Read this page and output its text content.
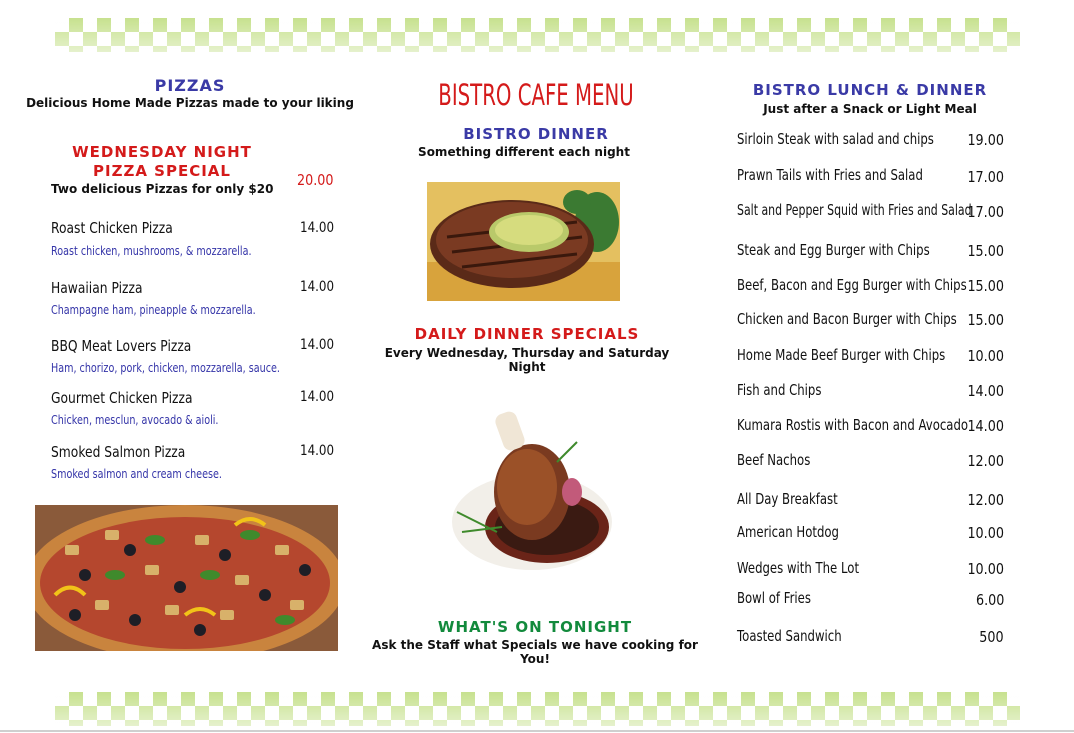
PIZZAS
Delicious Home Made Pizzas made to your liking
WEDNESDAY NIGHT
PIZZA SPECIAL
Two delicious Pizzas for only $20 20.00
Roast Chicken Pizza
Roast chicken, mushrooms, & mozzarella.
14.00
Hawaiian Pizza
Champagne ham, pineapple & mozzarella.
14.00
BBQ Meat Lovers Pizza
Ham, chorizo, pork, chicken, mozzarella, sauce.
14.00
Gourmet Chicken Pizza
Chicken, mesclun, avocado & aioli.
14.00
Smoked Salmon Pizza
Smoked salmon and cream cheese.
14.00
BISTRO CAFE MENU
BISTRO DINNER
Something different each night
DAILY DINNER SPECIALS
Every Wednesday, Thursday and Saturday Night
WHAT'S ON TONIGHT
Ask the Staff what Specials we have cooking for You!
BISTRO LUNCH & DINNER
Just after a Snack or Light Meal
Sirloin Steak with salad and chips 19.00
Prawn Tails with Fries and Salad	17.00
Salt and Pepper Squid with Fries and Salad
17.00
Steak and Egg Burger with Chips	15.00
Beef, Bacon and Egg Burger with Chips 15.00
Chicken and Bacon Burger with Chips 15.00
Home Made Beef Burger with Chips 10.00
Fish and Chips	14.00
Kumara Rostis with Bacon and Avocado 14.00
Beef Nachos	12.00
All Day Breakfast	12.00
American Hotdog	10.00
Wedges with The Lot	10.00
Bowl of Fries	6.00
Toasted Sandwich	500
